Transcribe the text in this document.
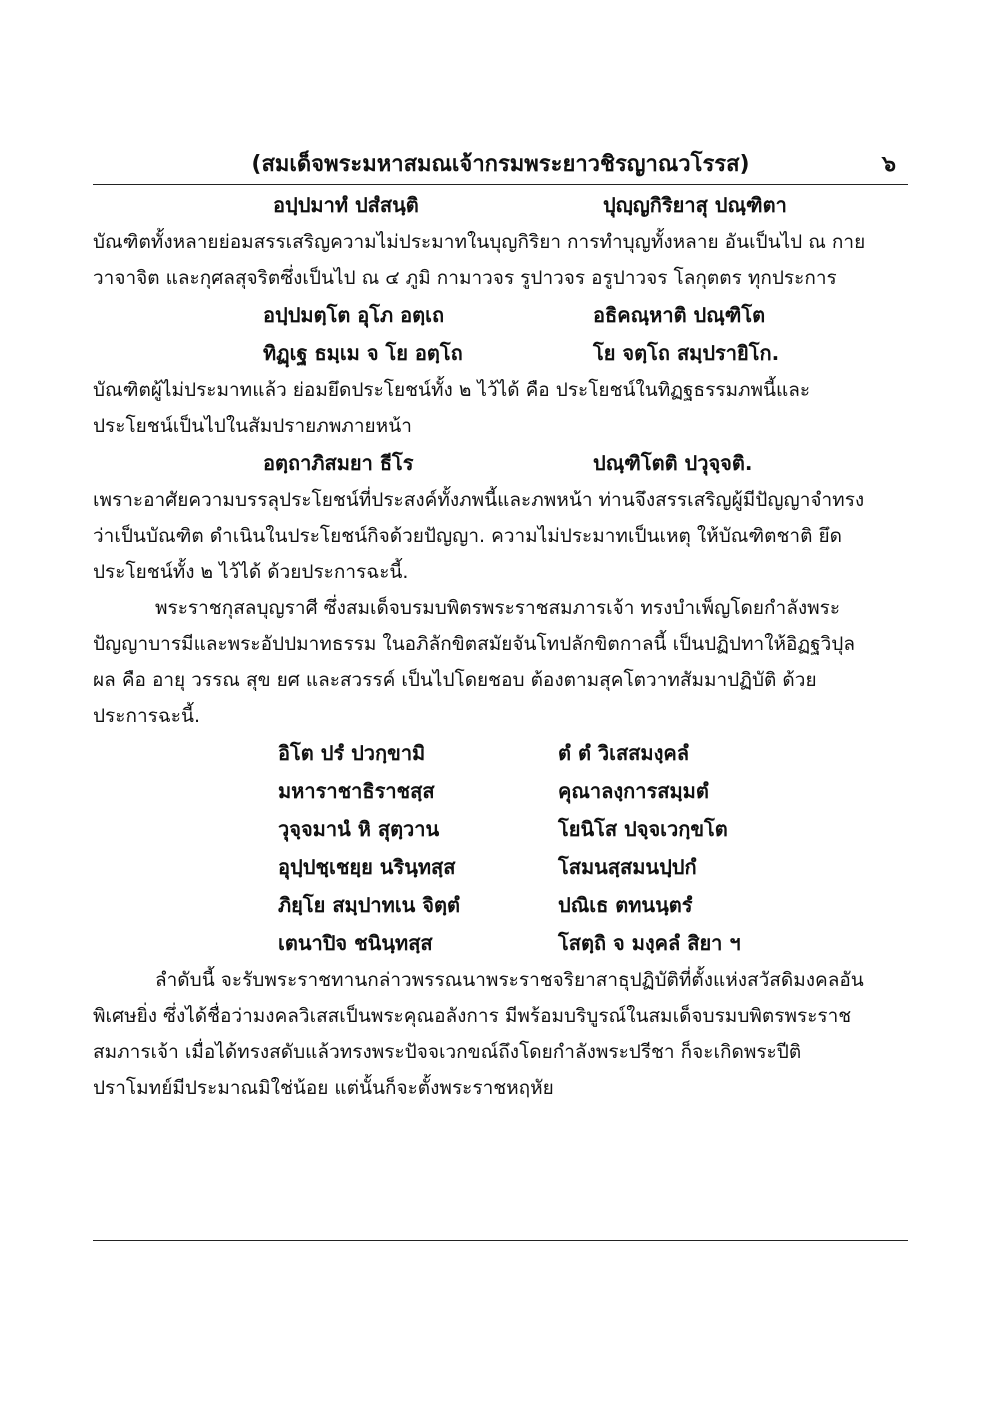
(สมเด็จพระมหาสมณเจ้ากรมพระยาวชิรญาณวโรรส)	๖
อปฺปมาทํ ปสํสนฺติ	ปุญฺญกิริยาสุ ปณฺฑิตา

บัณฑิตทั้งหลายย่อมสรรเสริญความไม่ประมาทในบุญกิริยา การทำบุญทั้งหลาย อันเป็นไป ณ กาย
วาจาจิต และกุศลสุจริตซึ่งเป็นไป ณ ๔ ภูมิ กามาวจร รูปาวจร อรูปาวจร โลกุตตร ทุกประการ

อปฺปมตฺโต อุโภ อตฺเถ	อธิคณฺหาติ ปณฺฑิโต
ทิฏฺเฐ ธมฺเม จ โย อตฺโถ	โย จตฺโถ สมฺปรายิโก.

บัณฑิตผู้ไม่ประมาทแล้ว ย่อมยึดประโยชน์ทั้ง ๒ ไว้ได้ คือ ประโยชน์ในทิฏฐธรรมภพนี้และ
ประโยชน์เป็นไปในสัมปรายภพภายหน้า

อตฺถาภิสมยา ธีโร	ปณฺฑิโตติ ปวุจฺจติ.

เพราะอาศัยความบรรลุประโยชน์ที่ประสงค์ทั้งภพนี้และภพหน้า ท่านจึงสรรเสริญผู้มีปัญญาจำทรง
ว่าเป็นบัณฑิต ดำเนินในประโยชน์กิจด้วยปัญญา. ความไม่ประมาทเป็นเหตุ ให้บัณฑิตชาติ ยึด
ประโยชน์ทั้ง ๒ ไว้ได้ ด้วยประการฉะนี้.

พระราชกุสลบุญราศี ซึ่งสมเด็จบรมบพิตรพระราชสมภารเจ้า ทรงบำเพ็ญโดยกำลังพระ
ปัญญาบารมีและพระอัปปมาทธรรม ในอภิลักขิตสมัยจันโทปลักขิตกาลนี้ เป็นปฏิปทาให้อิฏฐวิปุล
ผล คือ อายุ วรรณ สุข ยศ และสวรรค์ เป็นไปโดยชอบ ต้องตามสุคโตวาทสัมมาปฏิบัติ ด้วย
ประการฉะนี้.

อิโต ปรํ ปวกฺขามิ	ตํ ตํ วิเสสมงฺคลํ
มหาราชาธิราชสฺส	คุณาลงฺการสมฺมตํ
วุจฺจมานํ หิ สุตฺวาน	โยนิโส ปจฺจเวกฺขโต
อุปฺปชฺเชยฺย นรินฺทสฺส	โสมนสฺสมนปฺปกํ
ภิยฺโย สมฺปาทเน จิตฺตํ	ปณิเธ ตทนนฺตรํ
เตนาปิจ ชนินฺทสฺส	โสตฺถิ จ มงฺคลํ สิยา ฯ

ลำดับนี้ จะรับพระราชทานกล่าวพรรณนาพระราชจริยาสาธุปฏิบัติที่ตั้งแห่งสวัสดิมงคลอัน
พิเศษยิ่ง ซึ่งได้ชื่อว่ามงคลวิเสสเป็นพระคุณอลังการ มีพร้อมบริบูรณ์ในสมเด็จบรมบพิตรพระราช
สมภารเจ้า เมื่อได้ทรงสดับแล้วทรงพระปัจจเวกขณ์ถึงโดยกำลังพระปรีชา ก็จะเกิดพระปีติ
ปราโมทย์มีประมาณมิใช่น้อย แต่นั้นก็จะตั้งพระราชหฤหัย
